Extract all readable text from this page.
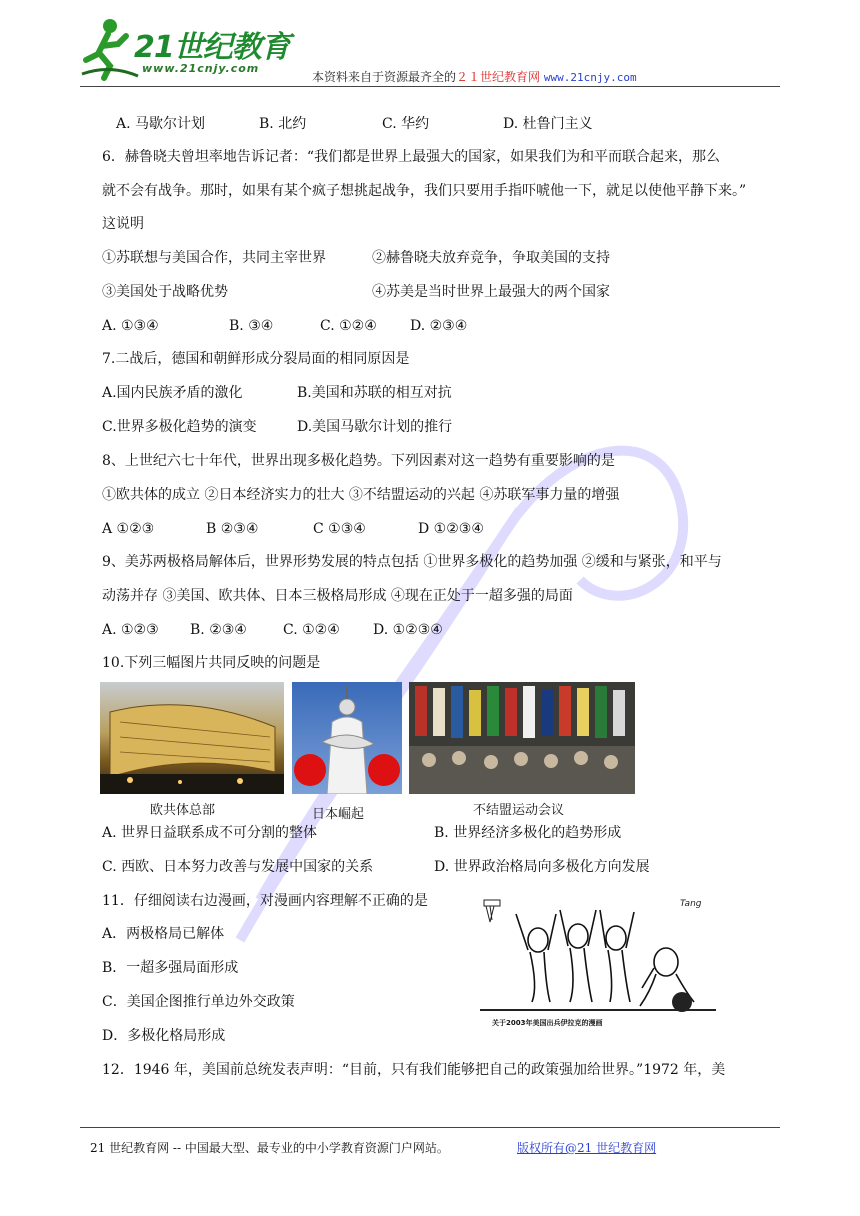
21世纪教育
www.21cnjy.com
本资料来自于资源最齐全的２１世纪教育网 www.21cnjy.com
A. 马歇尔计划	B. 北约	C. 华约	D. 杜鲁门主义
6．赫鲁晓夫曾坦率地告诉记者：“我们都是世界上最强大的国家，如果我们为和平而联合起来，那么
就不会有战争。那时，如果有某个疯子想挑起战争，我们只要用手指吓唬他一下，就足以使他平静下来。”
这说明
①苏联想与美国合作，共同主宰世界	②赫鲁晓夫放弃竞争，争取美国的支持
③美国处于战略优势	④苏美是当时世界上最强大的两个国家
A. ①③④	B. ③④	C. ①②④ D. ②③④
7.二战后，德国和朝鲜形成分裂局面的相同原因是
A.国内民族矛盾的激化	B.美国和苏联的相互对抗
C.世界多极化趋势的演变	D.美国马歇尔计划的推行
8、上世纪六七十年代，世界出现多极化趋势。下列因素对这一趋势有重要影响的是
①欧共体的成立 ②日本经济实力的壮大 ③不结盟运动的兴起 ④苏联军事力量的增强
A ①②③	B ②③④	C ①③④	D ①②③④
9、美苏两极格局解体后，世界形势发展的特点包括 ①世界多极化的趋势加强 ②缓和与紧张，和平与
动荡并存 ③美国、欧共体、日本三极格局形成 ④现在正处于一超多强的局面
A. ①②③ B. ②③④	C. ①②④ D. ①②③④
10.下列三幅图片共同反映的问题是
欧共体总部	日本崛起	不结盟运动会议
A. 世界日益联系成不可分割的整体	B. 世界经济多极化的趋势形成
C. 西欧、日本努力改善与发展中国家的关系	D. 世界政治格局向多极化方向发展
11．仔细阅读右边漫画，对漫画内容理解不正确的是
A．两极格局已解体
B．一超多强局面形成
C．美国企图推行单边外交政策
D．多极化格局形成
Tang
关于2003年美国出兵伊拉克的漫画
12．1946 年，美国前总统发表声明：“目前，只有我们能够把自己的政策强加给世界。”1972 年，美
21 世纪教育网 -- 中国最大型、最专业的中小学教育资源门户网站。	版权所有@21 世纪教育网
